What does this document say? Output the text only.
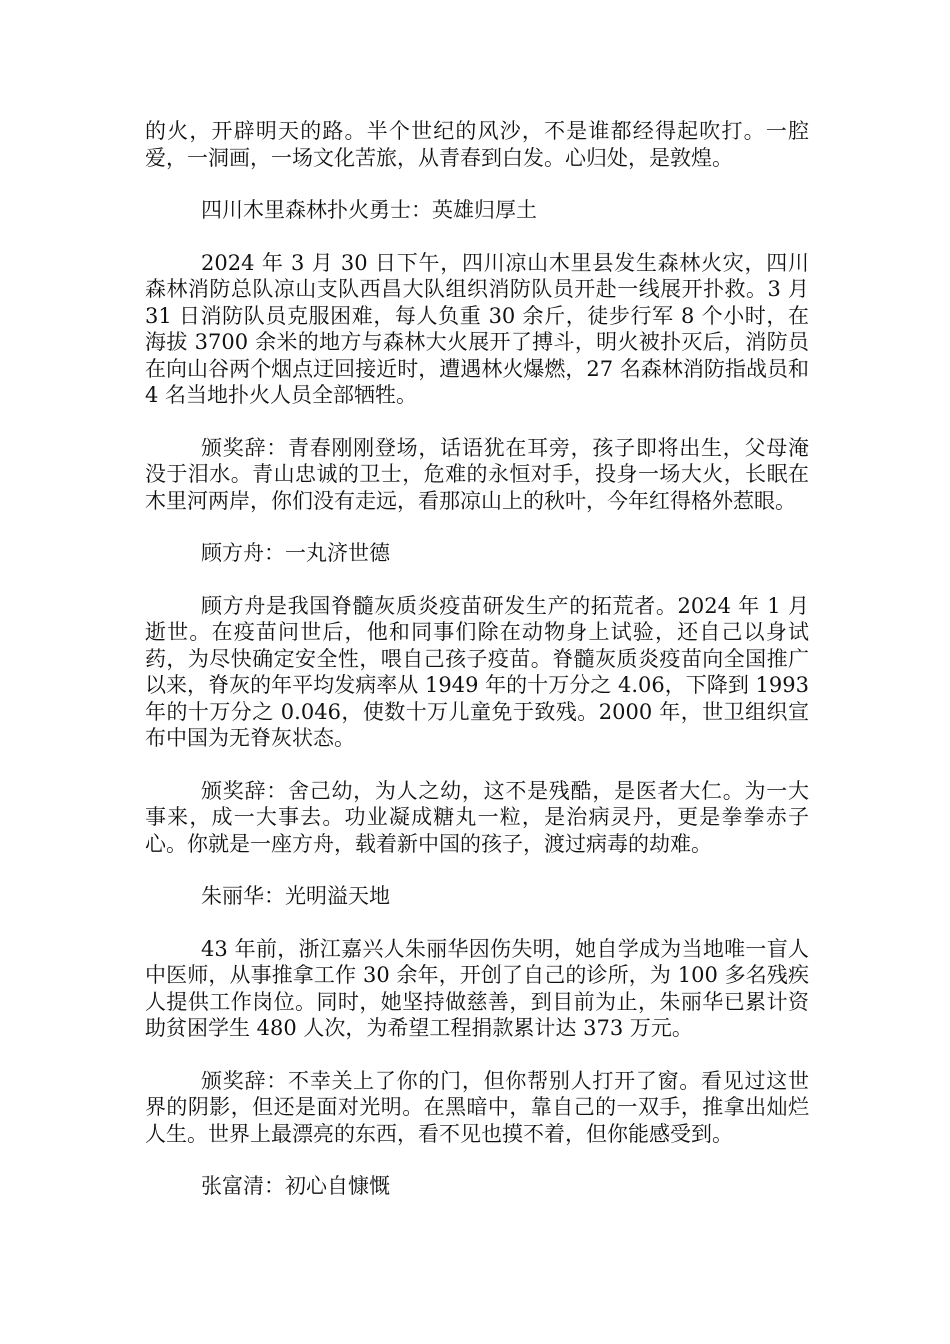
的火，开辟明天的路。半个世纪的风沙，不是谁都经得起吹打。一腔爱，一洞画，一场文化苦旅，从青春到白发。心归处，是敦煌。

四川木里森林扑火勇士：英雄归厚土

2024 年 3 月 30 日下午，四川凉山木里县发生森林火灾，四川森林消防总队凉山支队西昌大队组织消防队员开赴一线展开扑救。3 月 31 日消防队员克服困难，每人负重 30 余斤，徒步行军 8 个小时，在海拔 3700 余米的地方与森林大火展开了搏斗，明火被扑灭后，消防员在向山谷两个烟点迂回接近时，遭遇林火爆燃，27 名森林消防指战员和 4 名当地扑火人员全部牺牲。

颁奖辞：青春刚刚登场，话语犹在耳旁，孩子即将出生，父母淹没于泪水。青山忠诚的卫士，危难的永恒对手，投身一场大火，长眠在木里河两岸，你们没有走远，看那凉山上的秋叶，今年红得格外惹眼。

顾方舟：一丸济世德

顾方舟是我国脊髓灰质炎疫苗研发生产的拓荒者。2024 年 1 月逝世。在疫苗问世后，他和同事们除在动物身上试验，还自己以身试药，为尽快确定安全性，喂自己孩子疫苗。脊髓灰质炎疫苗向全国推广以来，脊灰的年平均发病率从 1949 年的十万分之 4.06，下降到 1993 年的十万分之 0.046，使数十万儿童免于致残。2000 年，世卫组织宣布中国为无脊灰状态。

颁奖辞：舍己幼，为人之幼，这不是残酷，是医者大仁。为一大事来，成一大事去。功业凝成糖丸一粒，是治病灵丹，更是拳拳赤子心。你就是一座方舟，载着新中国的孩子，渡过病毒的劫难。

朱丽华：光明溢天地

43 年前，浙江嘉兴人朱丽华因伤失明，她自学成为当地唯一盲人中医师，从事推拿工作 30 余年，开创了自己的诊所，为 100 多名残疾人提供工作岗位。同时，她坚持做慈善，到目前为止，朱丽华已累计资助贫困学生 480 人次，为希望工程捐款累计达 373 万元。

颁奖辞：不幸关上了你的门，但你帮别人打开了窗。看见过这世界的阴影，但还是面对光明。在黑暗中，靠自己的一双手，推拿出灿烂人生。世界上最漂亮的东西，看不见也摸不着，但你能感受到。

张富清：初心自慷慨
